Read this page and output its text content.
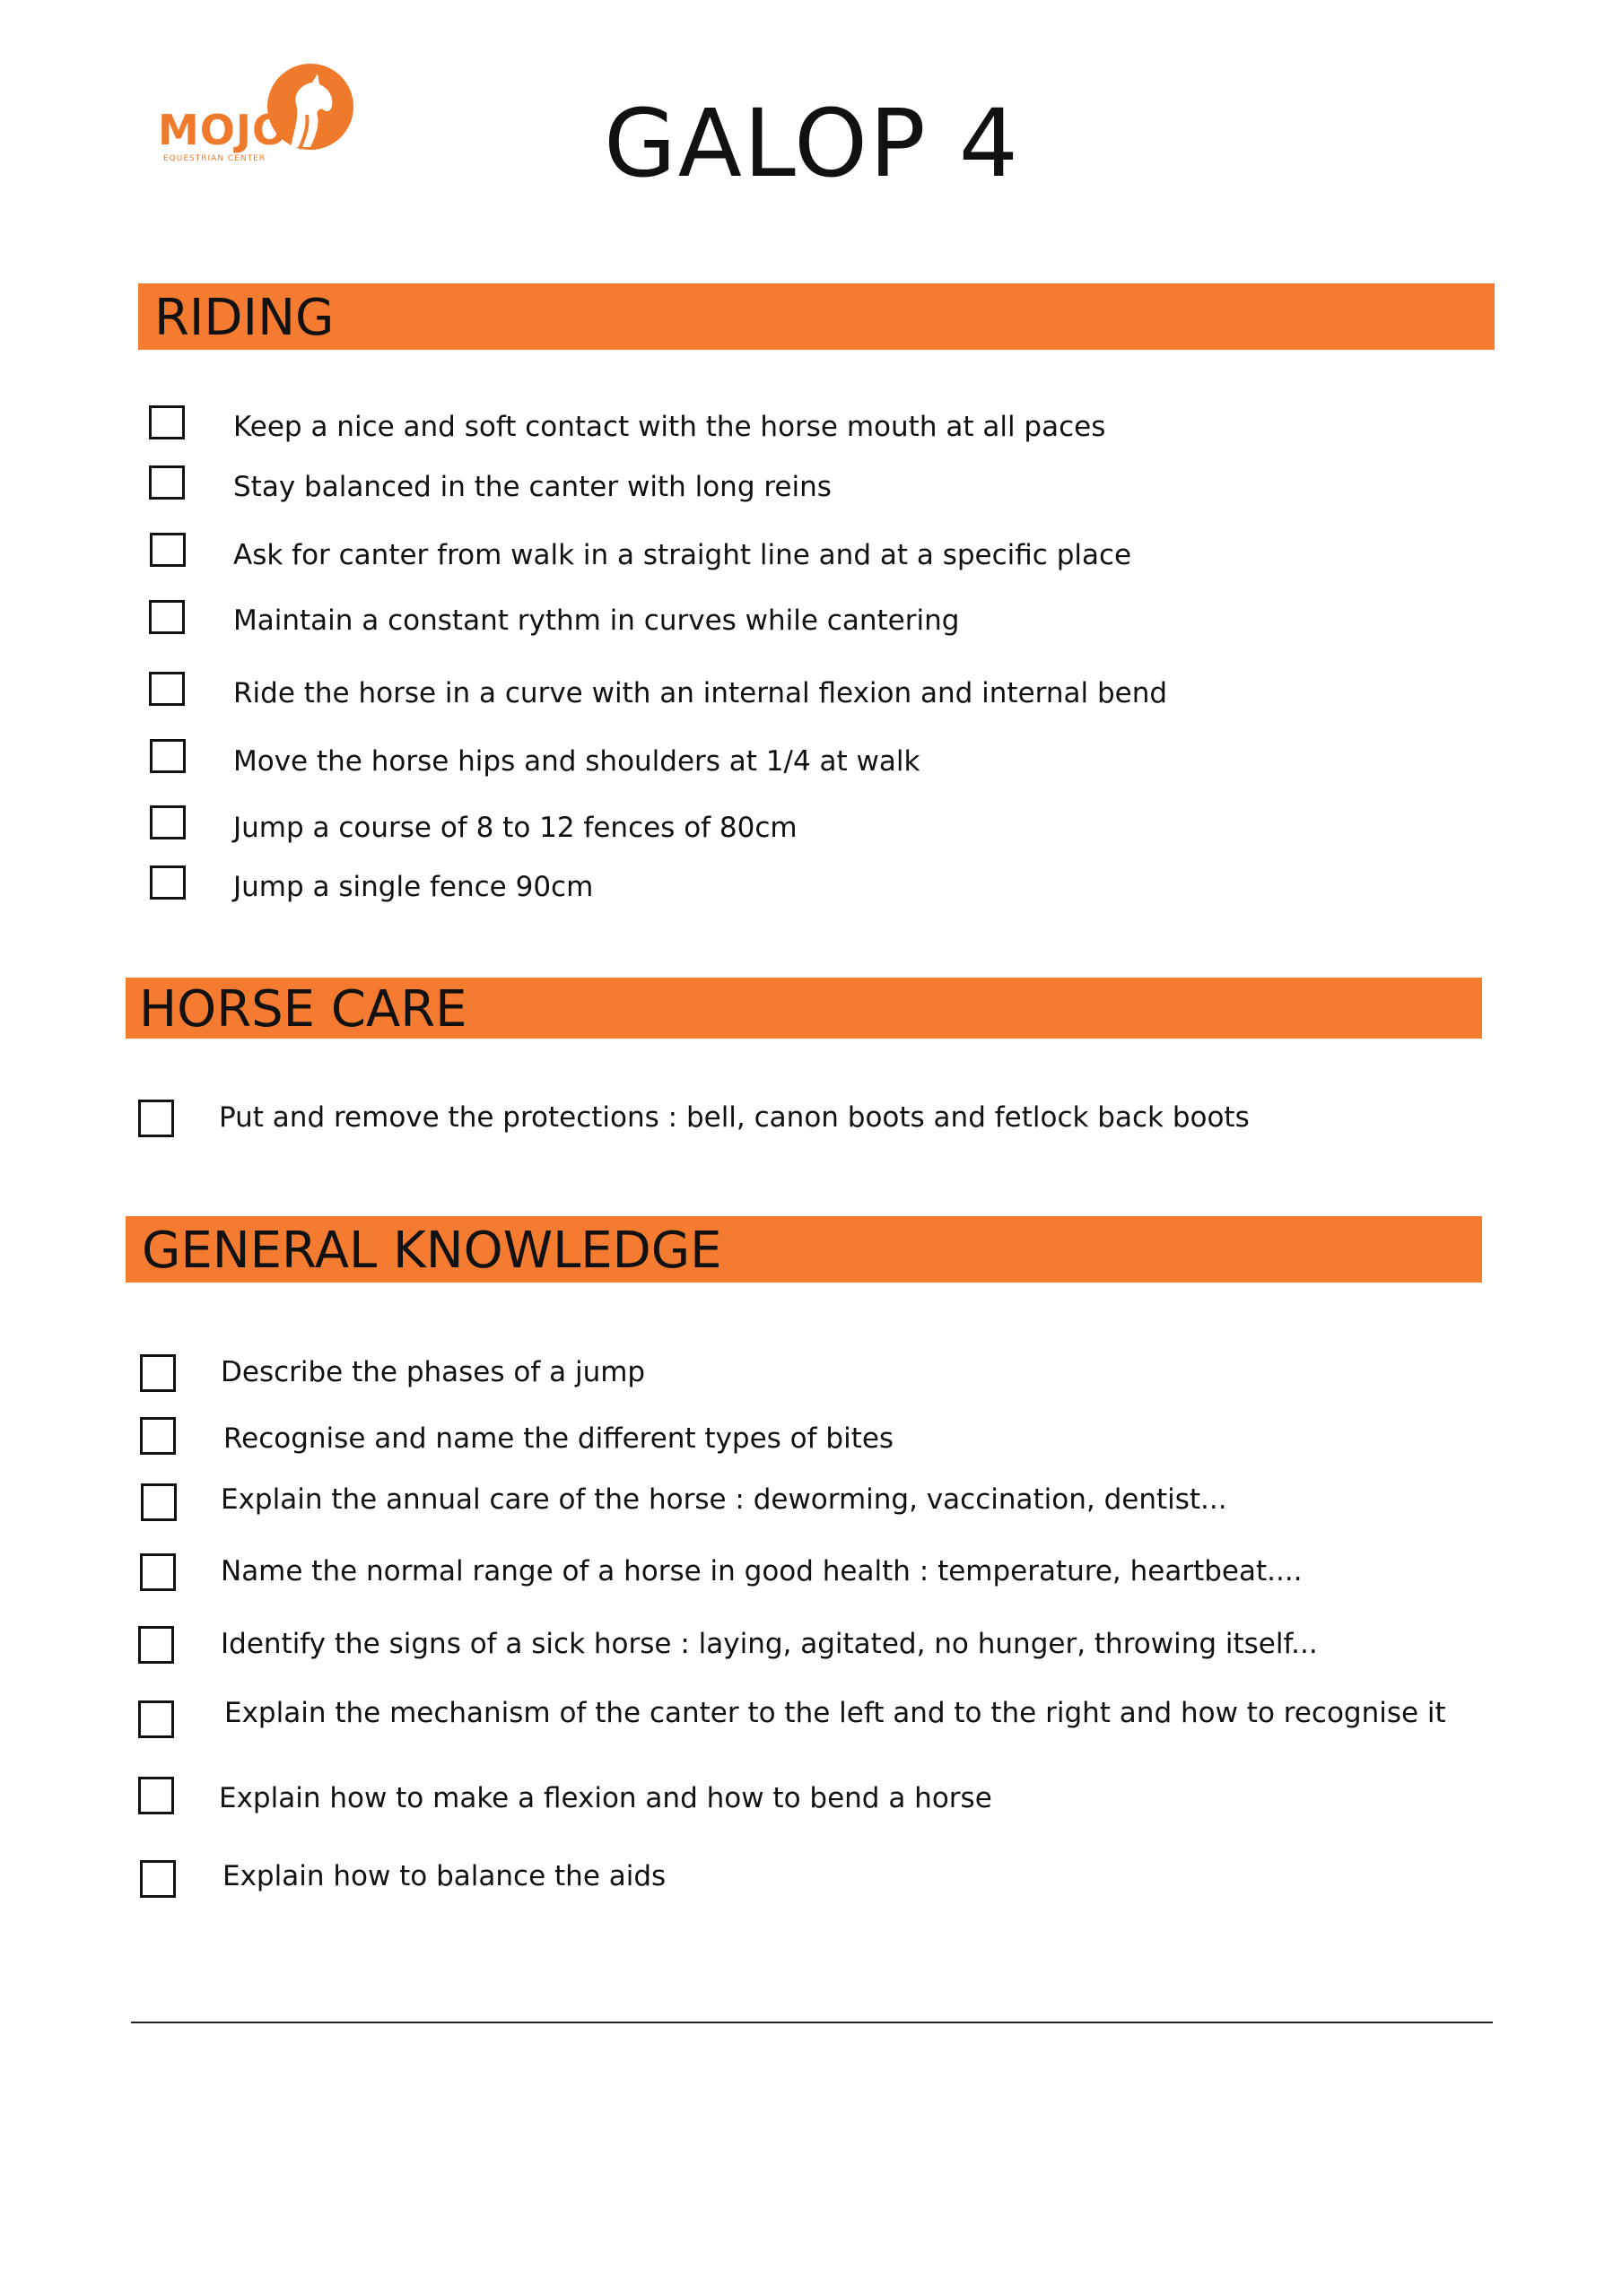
MOJO
EQUESTRIAN CENTER	GALOP 4
RIDING
Keep a nice and soft contact with the horse mouth at all paces
Stay balanced in the canter with long reins
Ask for canter from walk in a straight line and at a specific place
Maintain a constant rythm in curves while cantering
Ride the horse in a curve with an internal flexion and internal bend
Move the horse hips and shoulders at 1/4 at walk
Jump a course of 8 to 12 fences of 80cm
Jump a single fence 90cm
HORSE CARE
Put and remove the protections : bell, canon boots and fetlock back boots
GENERAL KNOWLEDGE
Describe the phases of a jump
Recognise and name the different types of bites
Explain the annual care of the horse : deworming, vaccination, dentist...
Name the normal range of a horse in good health : temperature, heartbeat....
Identify the signs of a sick horse : laying, agitated, no hunger, throwing itself...
Explain the mechanism of the canter to the left and to the right and how to recognise it
Explain how to make a flexion and how to bend a horse
Explain how to balance the aids
